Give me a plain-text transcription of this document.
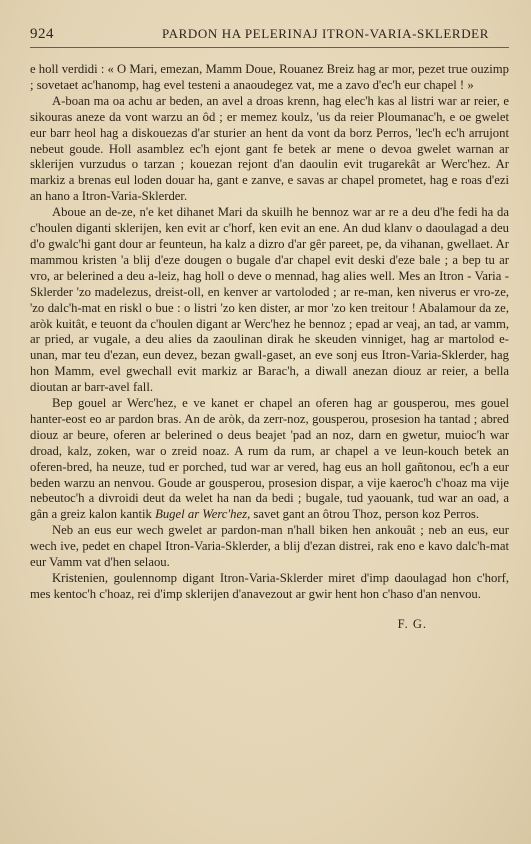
924	PARDON HA PELERINAJ ITRON-VARIA-SKLERDER

e holl verdidi : « O Mari, emezan, Mamm Doue, Rouanez Breiz hag ar mor, pezet true ouzimp ; sovetaet ac'hanomp, hag evel testeni a anaoudegez vat, me a zavo d'ec'h eur chapel ! »

A-boan ma oa achu ar beden, an avel a droas krenn, hag elec'h kas al listri war ar reier, e sikouras aneze da vont warzu an ôd ; er memez koulz, 'us da reier Ploumanac'h, e oe gwelet eur barr heol hag a diskouezas d'ar sturier an hent da vont da borz Perros, 'lec'h ec'h arrujont nebeut goude. Holl asamblez ec'h ejont gant fe betek ar mene o devoa gwelet warnan ar sklerijen vurzudus o tarzan ; kouezan rejont d'an daoulin evit trugarekât ar Werc'hez. Ar markiz a brenas eul loden douar ha, gant e zanve, e savas ar chapel prometet, hag e roas d'ezi an hano a Itron-Varia-Sklerder.

Aboue an de-ze, n'e ket dihanet Mari da skuilh he bennoz war ar re a deu d'he fedi ha da c'houlen diganti sklerijen, ken evit ar c'horf, ken evit an ene. An dud klanv o daoulagad a deu d'o gwalc'hi gant dour ar feunteun, ha kalz a dizro d'ar gêr pareet, pe, da vihanan, gwellaet. Ar mammou kristen 'a blij d'eze dougen o bugale d'ar chapel evit deski d'eze bale ; a bep tu ar vro, ar belerined a deu a-leiz, hag holl o deve o mennad, hag alies well. Mes an Itron - Varia - Sklerder 'zo madelezus, dreist-oll, en kenver ar vartoloded ; ar re-man, ken niverus er vro-ze, 'zo dalc'h-mat en riskl o bue : o listri 'zo ken dister, ar mor 'zo ken treitour ! Abalamour da ze, aròk kuitât, e teuont da c'houlen digant ar Werc'hez he bennoz ; epad ar veaj, an tad, ar vamm, ar pried, ar vugale, a deu alies da zaoulinan dirak he skeuden vinniget, hag ar martolod e-unan, mar teu d'ezan, eun devez, bezan gwall-gaset, an eve sonj eus Itron-Varia-Sklerder, hag hon Mamm, evel gwechall evit markiz ar Barac'h, a diwall anezan diouz ar reier, a bella dioutan ar barr-avel fall.

Bep gouel ar Werc'hez, e ve kanet er chapel an oferen hag ar gousperou, mes gouel hanter-eost eo ar pardon bras. An de aròk, da zerr-noz, gousperou, prosesion ha tantad ; abred diouz ar beure, oferen ar belerined o deus beajet 'pad an noz, darn en gwetur, muioc'h war droad, kalz, zoken, war o zreid noaz. A rum da rum, ar chapel a ve leun-kouch betek an oferen-bred, ha neuze, tud er porched, tud war ar vered, hag eus an holl gañtonou, ec'h a eur beden warzu an nenvou. Goude ar gousperou, prosesion dispar, a vije kaeroc'h c'hoaz ma vije nebeutoc'h a divroidi deut da welet ha nan da bedi ; bugale, tud yaouank, tud war an oad, a gân a greiz kalon kantik Bugel ar Werc'hez, savet gant an ôtrou Thoz, person koz Perros.

Neb an eus eur wech gwelet ar pardon-man n'hall biken hen ankouât ; neb an eus, eur wech ive, pedet en chapel Itron-Varia-Sklerder, a blij d'ezan distrei, rak eno e kavo dalc'h-mat eur Vamm vat d'hen selaou.

Kristenien, goulennomp digant Itron-Varia-Sklerder miret d'imp daoulagad hon c'horf, mes kentoc'h c'hoaz, rei d'imp sklerijen d'anavezout ar gwir hent hon c'haso d'an nenvou.

F. G.
